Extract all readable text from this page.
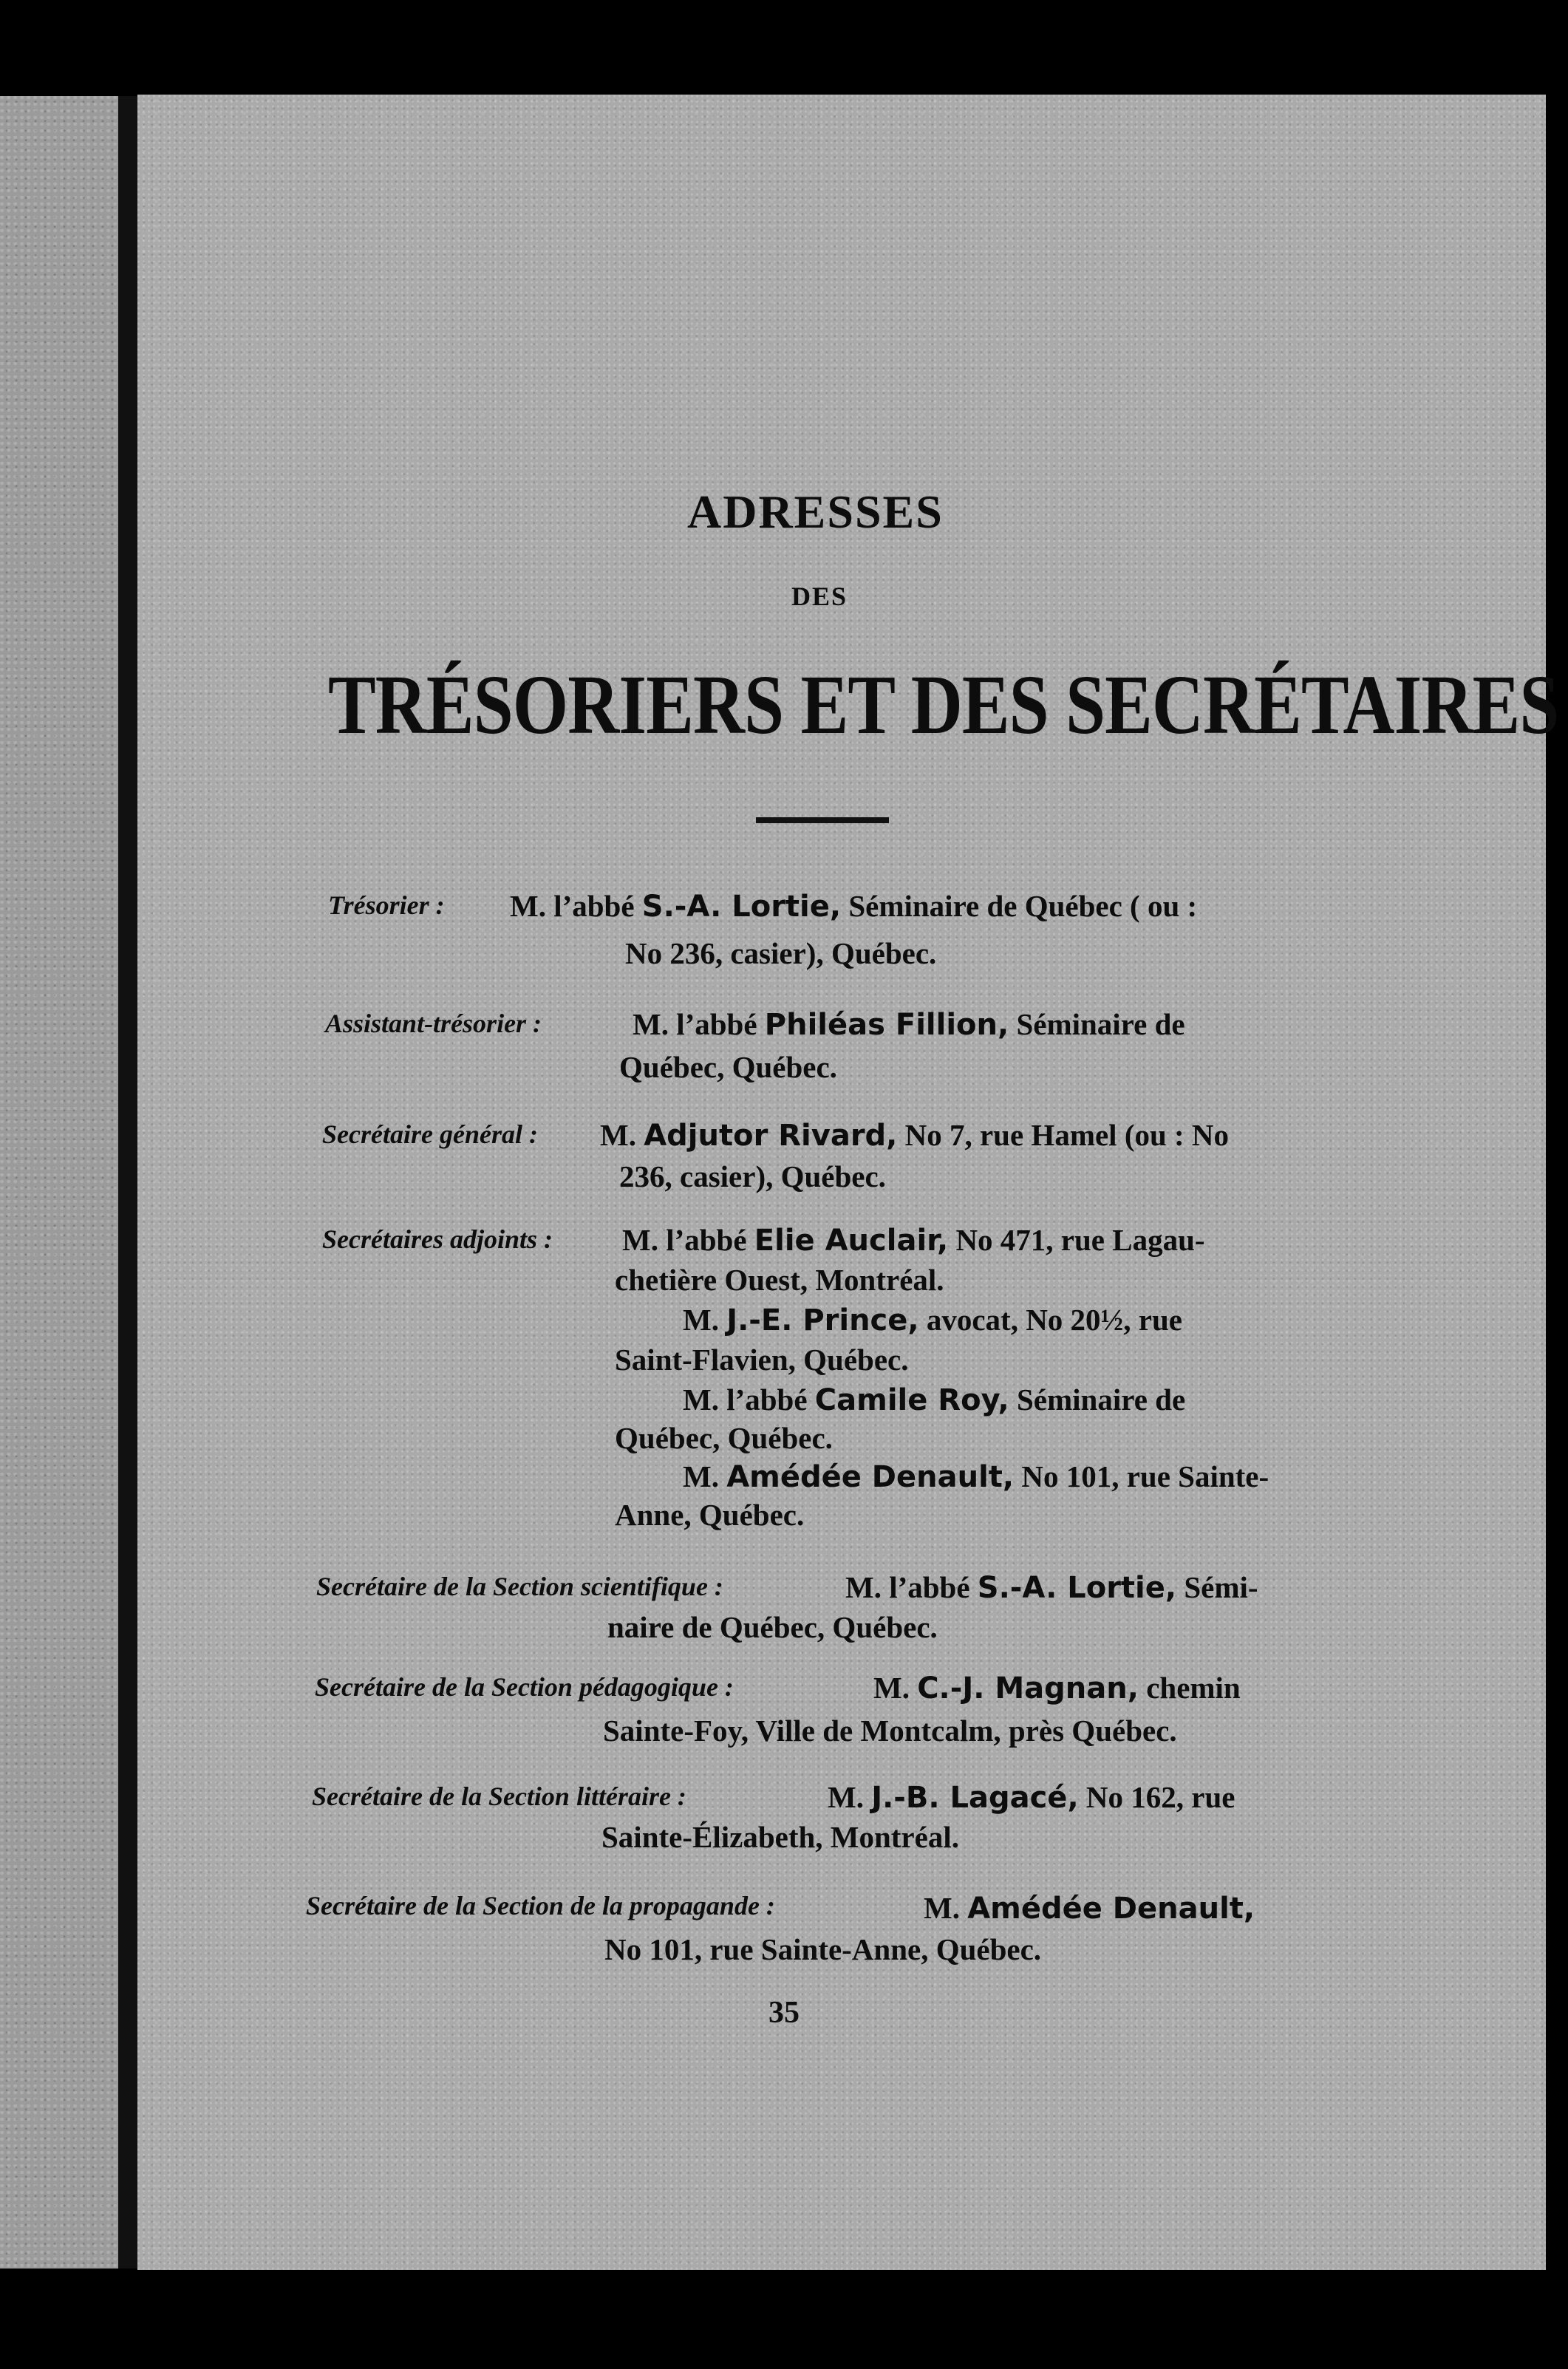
ADRESSES

DES

TRÉSORIERS ET DES SECRÉTAIRES

Trésorier : M. l’abbé S.-A. Lortie, Séminaire de Québec ( ou :

No 236, casier), Québec.

Assistant-trésorier :	M. l’abbé Philéas Fillion, Séminaire de

Québec, Québec.

Secrétaire général : M. Adjutor Rivard, No 7, rue Hamel (ou : No

236, casier), Québec.

Secrétaires adjoints : M. l’abbé Elie Auclair, No 471, rue Lagau-

chetière Ouest, Montréal.

M. J.-E. Prince, avocat, No 20½, rue

Saint-Flavien, Québec.

M. l’abbé Camile Roy, Séminaire de

Québec, Québec.

M. Amédée Denault, No 101, rue Sainte-

Anne, Québec.

Secrétaire de la Section scientifique :	M. l’abbé S.-A. Lortie, Sémi-

naire de Québec, Québec.

Secrétaire de la Section pédagogique :	M. C.-J. Magnan, chemin

Sainte-Foy, Ville de Montcalm, près Québec.

Secrétaire de la Section littéraire :	M. J.-B. Lagacé, No 162, rue

Sainte-Élizabeth, Montréal.

Secrétaire de la Section de la propagande :	M. Amédée Denault,

No 101, rue Sainte-Anne, Québec.

35
